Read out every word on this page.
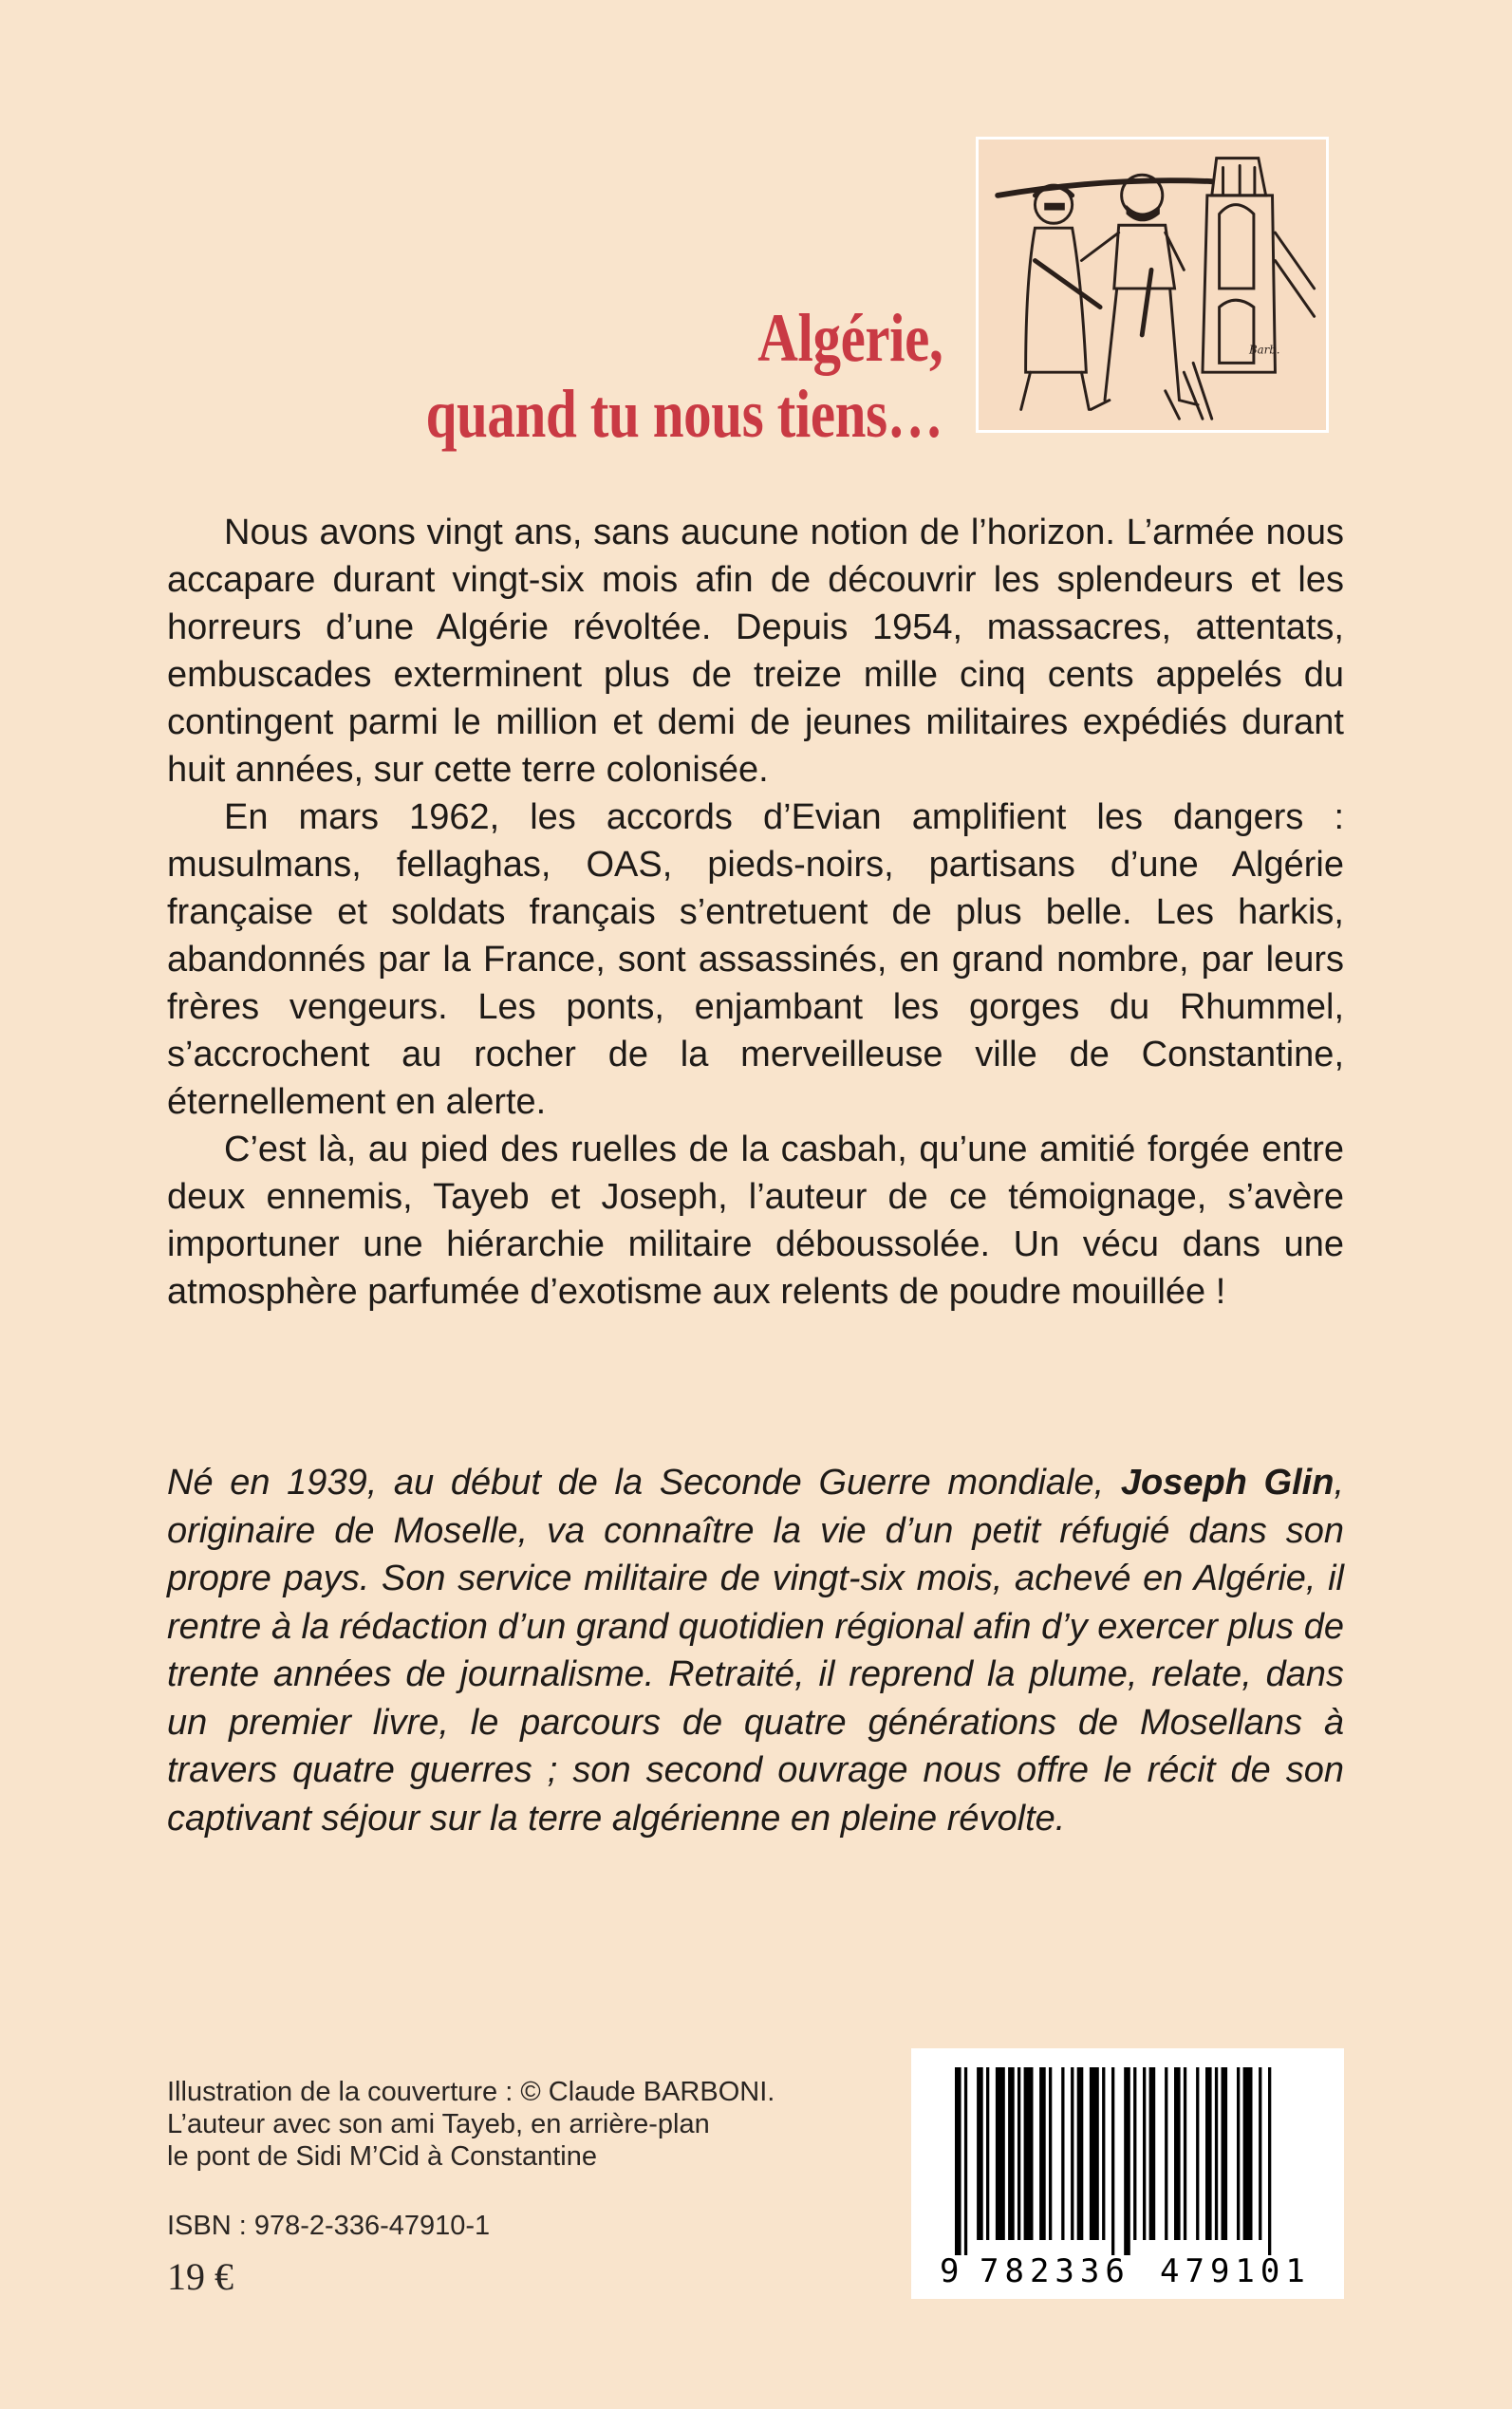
Barb.
Algérie,
quand tu nous tiens…

Nous avons vingt ans, sans aucune notion de l’horizon. L’armée nous accapare durant vingt-six mois afin de découvrir les splendeurs et les horreurs d’une Algérie révoltée. Depuis 1954, massacres, attentats, embuscades exterminent plus de treize mille cinq cents appelés du contingent parmi le million et demi de jeunes militaires expédiés durant huit années, sur cette terre colonisée.

En mars 1962, les accords d’Evian amplifient les dangers : musulmans, fellaghas, OAS, pieds-noirs, partisans d’une Algérie française et soldats français s’entretuent de plus belle. Les harkis, abandonnés par la France, sont assassinés, en grand nombre, par leurs frères vengeurs. Les ponts, enjambant les gorges du Rhummel, s’accrochent au rocher de la merveilleuse ville de Constantine, éternellement en alerte.

C’est là, au pied des ruelles de la casbah, qu’une amitié forgée entre deux ennemis, Tayeb et Joseph, l’auteur de ce témoignage, s’avère importuner une hiérarchie militaire déboussolée. Un vécu dans une atmosphère parfumée d’exotisme aux relents de poudre mouillée !

Né en 1939, au début de la Seconde Guerre mondiale, Joseph Glin, originaire de Moselle, va connaître la vie d’un petit réfugié dans son propre pays. Son service militaire de vingt-six mois, achevé en Algérie, il rentre à la rédaction d’un grand quotidien régional afin d’y exercer plus de trente années de journalisme. Retraité, il reprend la plume, relate, dans un premier livre, le parcours de quatre générations de Mosellans à travers quatre guerres ; son second ouvrage nous offre le récit de son captivant séjour sur la terre algérienne en pleine révolte.

Illustration de la couverture : © Claude BARBONI.
L’auteur avec son ami Tayeb, en arrière-plan
le pont de Sidi M’Cid à Constantine
ISBN : 978-2-336-47910-1
19 €	9 782336 479101
